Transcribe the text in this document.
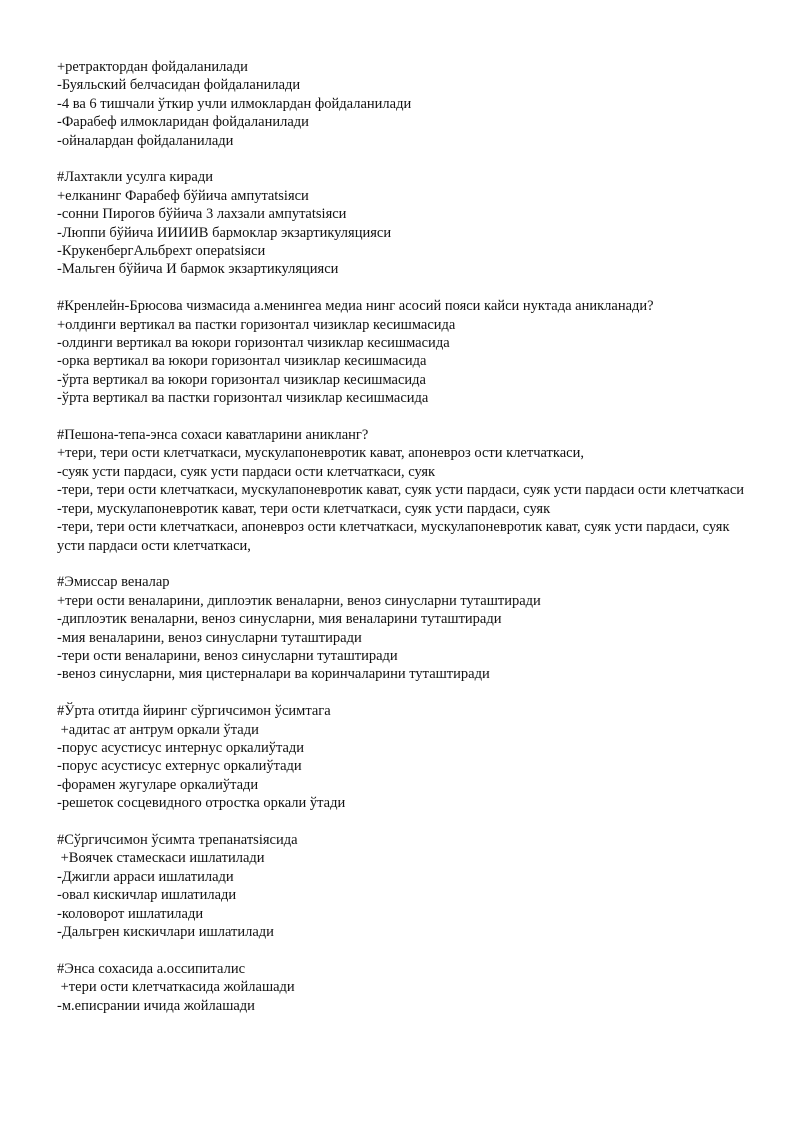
+ретрактордан фойдаланилади
-Буяльский белчасидан фойдаланилади
-4 ва 6 тишчали ўткир учли илмоклардан фойдаланилади
-Фарабеф илмокларидан фойдаланилади
-ойналардан фойдаланилади
#Лахтакли усулга киради
+елканинг Фарабеф бўйича ампутatsiяси
-сонни Пирогов бўйича 3 лахзали ампутatsiяси
-Люппи бўйича ИИИИВ бармоклар экзартикуляцияси
-КрукенбергАльбрехт операtsiяси
-Мальген бўйича И бармок экзартикуляцияси
#Кренлейн-Брюсова чизмасида а.менингеа медиа нинг асосий пояси кайси нуктада аникланади?
+олдинги вертикал ва пастки горизонтал чизиклар кесишмасида
-олдинги вертикал ва юкори горизонтал чизиклар кесишмасида
-орка вертикал ва юкори горизонтал чизиклар кесишмасида
-ўрта вертикал ва юкори горизонтал чизиклар кесишмасида
-ўрта вертикал ва пастки горизонтал чизиклар кесишмасида
#Пешона-тепа-энса сохаси каватларини аникланг?
+тери, тери ости клетчаткаси, мускулапоневротик кават, апоневроз ости клетчаткаси,
-суяк усти пардаси, суяк усти пардаси ости клетчаткаси, суяк
-тери, тери ости клетчаткаси, мускулапоневротик кават, суяк усти пардаси, суяк усти пардаси ости клетчаткаси
-тери, мускулапоневротик кават, тери ости клетчаткаси, суяк усти пардаси, суяк
-тери, тери ости клетчаткаси, апоневроз ости клетчаткаси, мускулапоневротик кават, суяк усти пардаси, суяк усти пардаси ости клетчаткаси,
#Эмиссар веналар
+тери ости веналарини, диплоэтик веналарни, веноз синусларни туташтиради
-диплоэтик веналарни, веноз синусларни, мия веналарини туташтиради
-мия веналарини, веноз синусларни туташтиради
-тери ости веналарини, веноз синусларни туташтиради
-веноз синусларни, мия цистерналари ва коринчаларини туташтиради
#Ўрта отитда йиринг сўргичсимон ўсимтага
+адитас ат антрум оркали ўтади
-порус асустисус интернус оркалиўтади
-порус асустисус ехтернус оркалиўтади
-форамен жугуларе оркалиўтади
-решеток сосцевидного отростка оркали ўтади
#Сўргичсимон ўсимта трепанатsiясида
+Воячек стамескаси ишлатилади
-Джигли арраси ишлатилади
-овал кискичлар ишлатилади
-коловорот ишлатилади
-Дальгрен кискичлари ишлатилади
#Энса сохасида а.оссипиталис
+тери ости клетчаткасида жойлашади
-м.еписрании ичида жойлашади
